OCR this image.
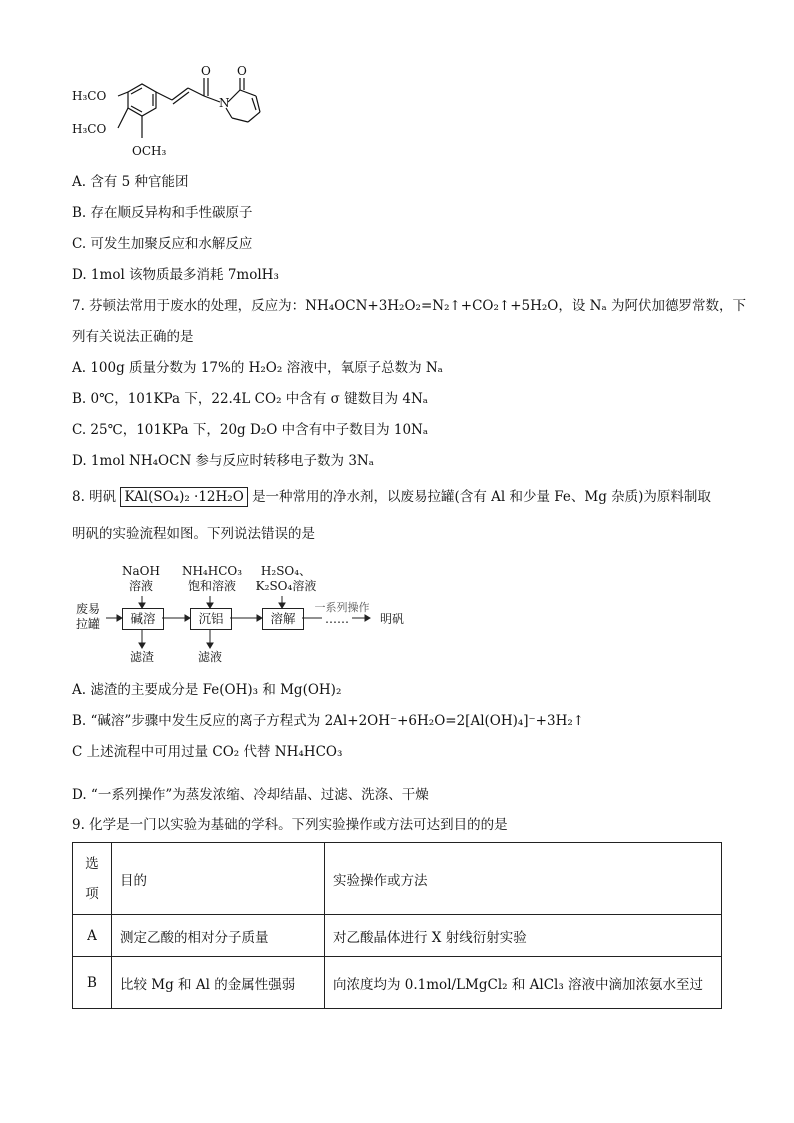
H₃CO
H₃CO
OCH₃
O O
N
A. 含有 5 种官能团
B. 存在顺反异构和手性碳原子
C. 可发生加聚反应和水解反应
D. 1mol 该物质最多消耗 7molH₃
7. 芬顿法常用于废水的处理，反应为：NH₄OCN+3H₂O₂=N₂↑+CO₂↑+5H₂O，设 Nₐ 为阿伏加德罗常数，下
列有关说法正确的是
A. 100g 质量分数为 17%的 H₂O₂ 溶液中，氧原子总数为 Nₐ
B. 0℃，101KPa 下，22.4L CO₂ 中含有 σ 键数目为 4Nₐ
C. 25℃，101KPa 下，20g D₂O 中含有中子数目为 10Nₐ
D. 1mol NH₄OCN 参与反应时转移电子数为 3Nₐ
8. 明矾 KAl(SO₄)₂ ·12H₂O 是一种常用的净水剂，以废易拉罐(含有 Al 和少量 Fe、Mg 杂质)为原料制取
明矾的实验流程如图。下列说法错误的是
废易
拉罐
NaOH
溶液
NH₄HCO₃
饱和溶液
H₂SO₄、
K₂SO₄溶液
碱溶	沉铝	溶解
一系列操作
……	明矾
滤渣	滤液
A. 滤渣的主要成分是 Fe(OH)₃ 和 Mg(OH)₂
B. “碱溶”步骤中发生反应的离子方程式为 2Al+2OH⁻+6H₂O=2[Al(OH)₄]⁻+3H₂↑
C 上述流程中可用过量 CO₂ 代替 NH₄HCO₃
D. “一系列操作”为蒸发浓缩、冷却结晶、过滤、洗涤、干燥
9. 化学是一门以实验为基础的学科。下列实验操作或方法可达到目的的是
选
项	目的	实验操作或方法
A	测定乙酸的相对分子质量	对乙酸晶体进行 X 射线衍射实验
B	比较 Mg 和 Al 的金属性强弱	向浓度均为 0.1mol/LMgCl₂ 和 AlCl₃ 溶液中滴加浓氨水至过
